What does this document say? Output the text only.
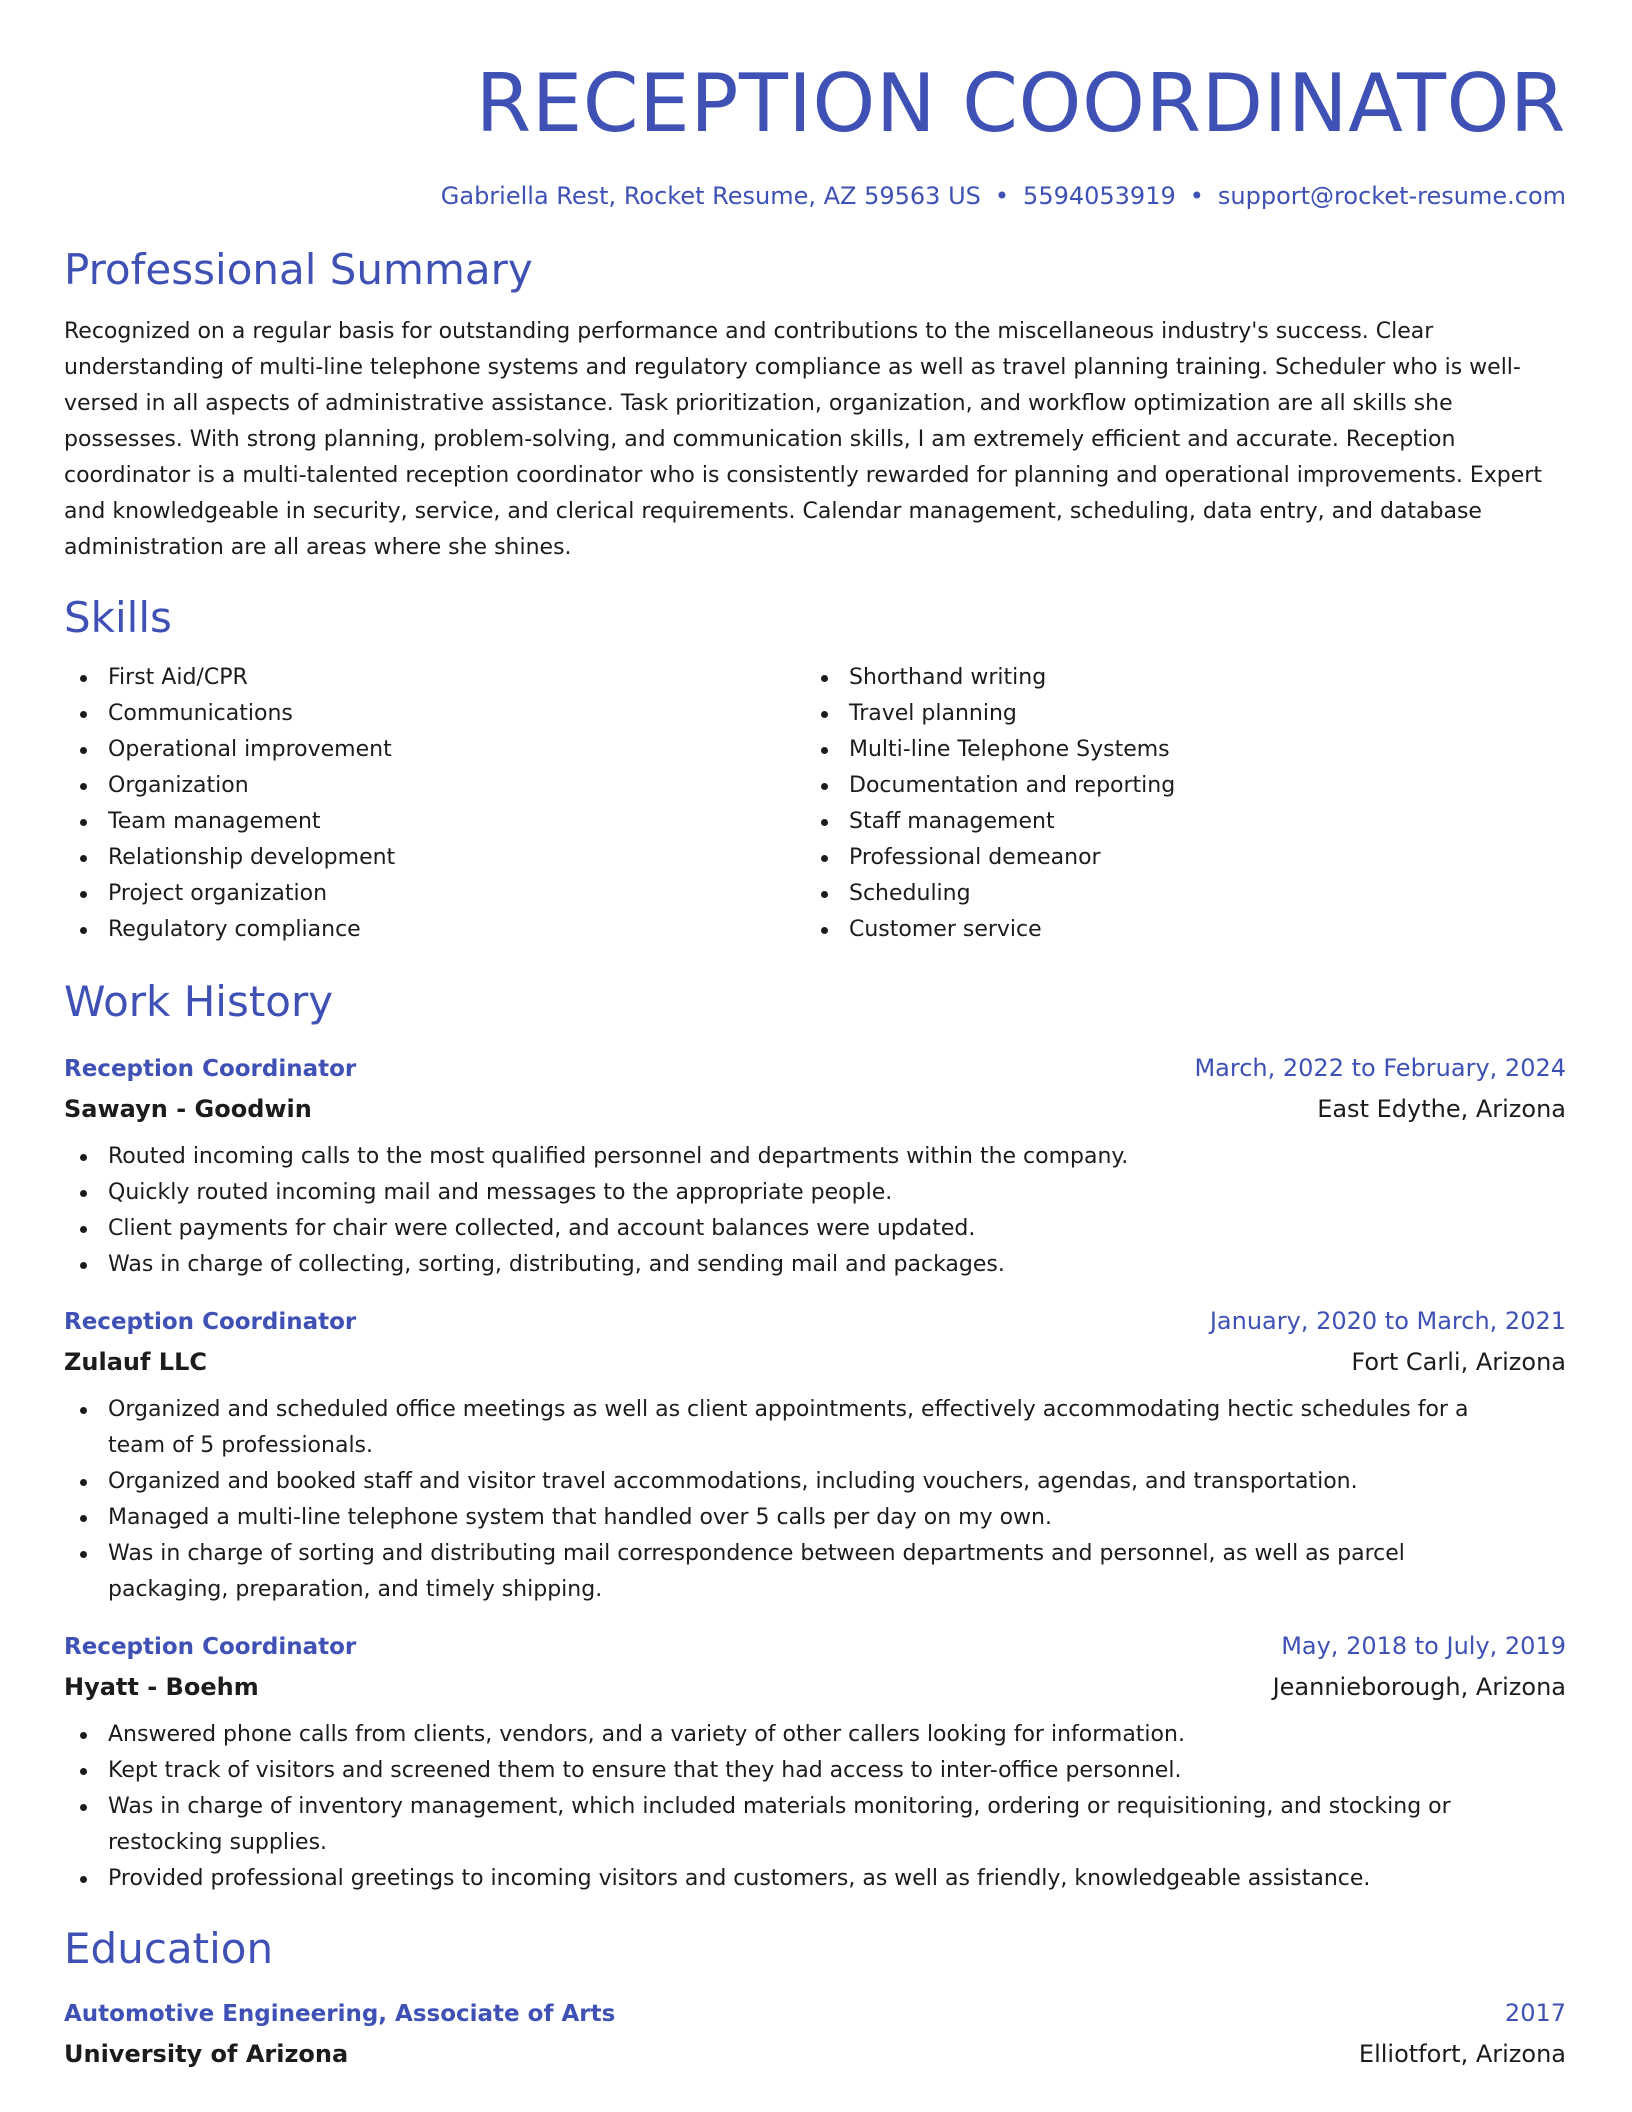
RECEPTION COORDINATOR
Gabriella Rest, Rocket Resume, AZ 59563 US • 5594053919 • support@rocket-resume.com
Professional Summary
Recognized on a regular basis for outstanding performance and contributions to the miscellaneous industry's success. Clear understanding of multi-line telephone systems and regulatory compliance as well as travel planning training. Scheduler who is well-versed in all aspects of administrative assistance. Task prioritization, organization, and workflow optimization are all skills she possesses. With strong planning, problem-solving, and communication skills, I am extremely efficient and accurate. Reception coordinator is a multi-talented reception coordinator who is consistently rewarded for planning and operational improvements. Expert and knowledgeable in security, service, and clerical requirements. Calendar management, scheduling, data entry, and database administration are all areas where she shines.
Skills
First Aid/CPR
Communications
Operational improvement
Organization
Team management
Relationship development
Project organization
Regulatory compliance
Shorthand writing
Travel planning
Multi-line Telephone Systems
Documentation and reporting
Staff management
Professional demeanor
Scheduling
Customer service
Work History
Reception Coordinator	March, 2022 to February, 2024
Sawayn - Goodwin	East Edythe, Arizona
Routed incoming calls to the most qualified personnel and departments within the company.
Quickly routed incoming mail and messages to the appropriate people.
Client payments for chair were collected, and account balances were updated.
Was in charge of collecting, sorting, distributing, and sending mail and packages.
Reception Coordinator	January, 2020 to March, 2021
Zulauf LLC	Fort Carli, Arizona
Organized and scheduled office meetings as well as client appointments, effectively accommodating hectic schedules for a team of 5 professionals.
Organized and booked staff and visitor travel accommodations, including vouchers, agendas, and transportation.
Managed a multi-line telephone system that handled over 5 calls per day on my own.
Was in charge of sorting and distributing mail correspondence between departments and personnel, as well as parcel packaging, preparation, and timely shipping.
Reception Coordinator	May, 2018 to July, 2019
Hyatt - Boehm	Jeannieborough, Arizona
Answered phone calls from clients, vendors, and a variety of other callers looking for information.
Kept track of visitors and screened them to ensure that they had access to inter-office personnel.
Was in charge of inventory management, which included materials monitoring, ordering or requisitioning, and stocking or restocking supplies.
Provided professional greetings to incoming visitors and customers, as well as friendly, knowledgeable assistance.
Education
Automotive Engineering, Associate of Arts	2017
University of Arizona	Elliotfort, Arizona
